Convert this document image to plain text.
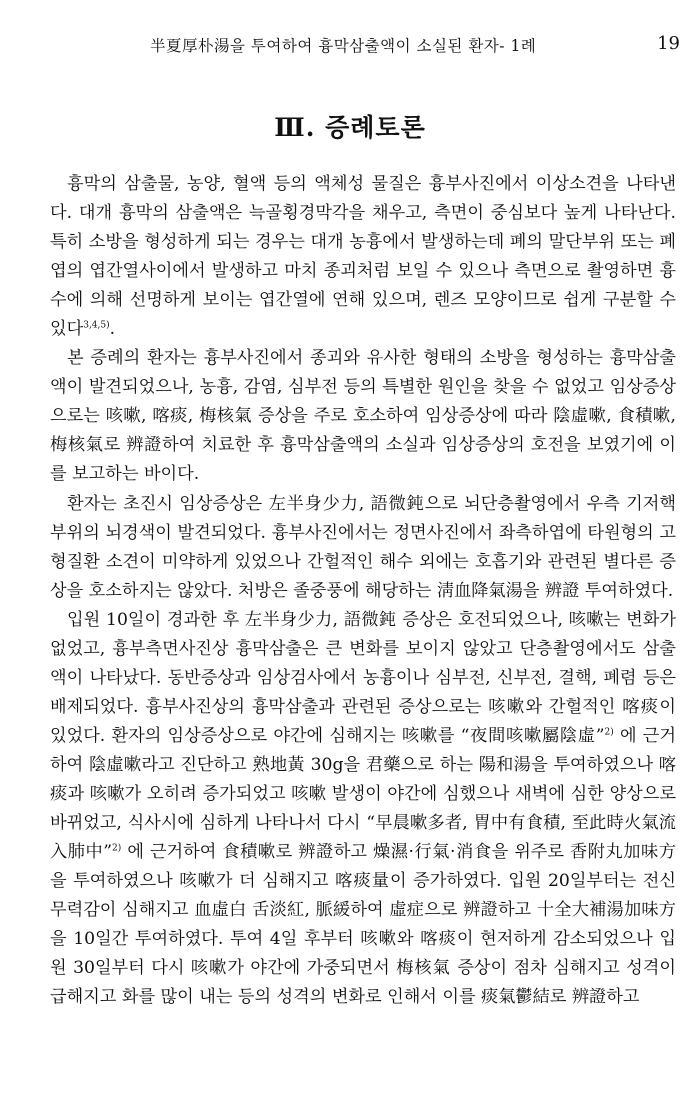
半夏厚朴湯을 투여하여 흉막삼출액이 소실된 환자- 1례	19
Ⅲ. 증례토론

흉막의 삼출물, 농양, 혈액 등의 액체성 물질은 흉부사진에서 이상소견을 나타낸다. 대개 흉막의 삼출액은 늑골횡경막각을 채우고, 측면이 중심보다 높게 나타난다. 특히 소방을 형성하게 되는 경우는 대개 농흉에서 발생하는데 폐의 말단부위 또는 폐엽의 엽간열사이에서 발생하고 마치 종괴처럼 보일 수 있으나 측면으로 촬영하면 흉수에 의해 선명하게 보이는 엽간열에 연해 있으며, 렌즈 모양이므로 쉽게 구분할 수 있다$^{3,4,5)}$.

본 증례의 환자는 흉부사진에서 종괴와 유사한 형태의 소방을 형성하는 흉막삼출액이 발견되었으나, 농흉, 감염, 심부전 등의 특별한 원인을 찾을 수 없었고 임상증상으로는 咳嗽, 喀痰, 梅核氣 증상을 주로 호소하여 임상증상에 따라 陰虛嗽, 食積嗽, 梅核氣로 辨證하여 치료한 후 흉막삼출액의 소실과 임상증상의 호전을 보였기에 이를 보고하는 바이다.

환자는 초진시 임상증상은 左半身少力, 語微鈍으로 뇌단층촬영에서 우측 기저핵 부위의 뇌경색이 발견되었다. 흉부사진에서는 정면사진에서 좌측하엽에 타원형의 고형질환 소견이 미약하게 있었으나 간헐적인 해수 외에는 호흡기와 관련된 별다른 증상을 호소하지는 않았다. 처방은 졸중풍에 해당하는 淸血降氣湯을 辨證 투여하였다.

입원 10일이 경과한 후 左半身少力, 語微鈍 증상은 호전되었으나, 咳嗽는 변화가 없었고, 흉부측면사진상 흉막삼출은 큰 변화를 보이지 않았고 단층촬영에서도 삼출액이 나타났다. 동반증상과 임상검사에서 농흉이나 심부전, 신부전, 결핵, 폐렴 등은 배제되었다. 흉부사진상의 흉막삼출과 관련된 증상으로는 咳嗽와 간헐적인 喀痰이 있었다. 환자의 임상증상으로 야간에 심해지는 咳嗽를 “夜間咳嗽屬陰虛”$^{2)}$ 에 근거하여 陰虛嗽라고 진단하고 熟地黃 30g을 君藥으로 하는 陽和湯을 투여하였으나 喀痰과 咳嗽가 오히려 증가되었고 咳嗽 발생이 야간에 심했으나 새벽에 심한 양상으로 바뀌었고, 식사시에 심하게 나타나서 다시 “早晨嗽多者, 胃中有食積, 至此時火氣流入肺中”$^{2)}$ 에 근거하여 食積嗽로 辨證하고 燥濕·行氣·消食을 위주로 香附丸加味方을 투여하였으나 咳嗽가 더 심해지고 喀痰量이 증가하였다. 입원 20일부터는 전신무력감이 심해지고 血虛白 舌淡紅, 脈緩하여 虛症으로 辨證하고 十全大補湯加味方을 10일간 투여하였다. 투여 4일 후부터 咳嗽와 喀痰이 현저하게 감소되었으나 입원 30일부터 다시 咳嗽가 야간에 가중되면서 梅核氣 증상이 점차 심해지고 성격이 급해지고 화를 많이 내는 등의 성격의 변화로 인해서 이를 痰氣鬱結로 辨證하고
